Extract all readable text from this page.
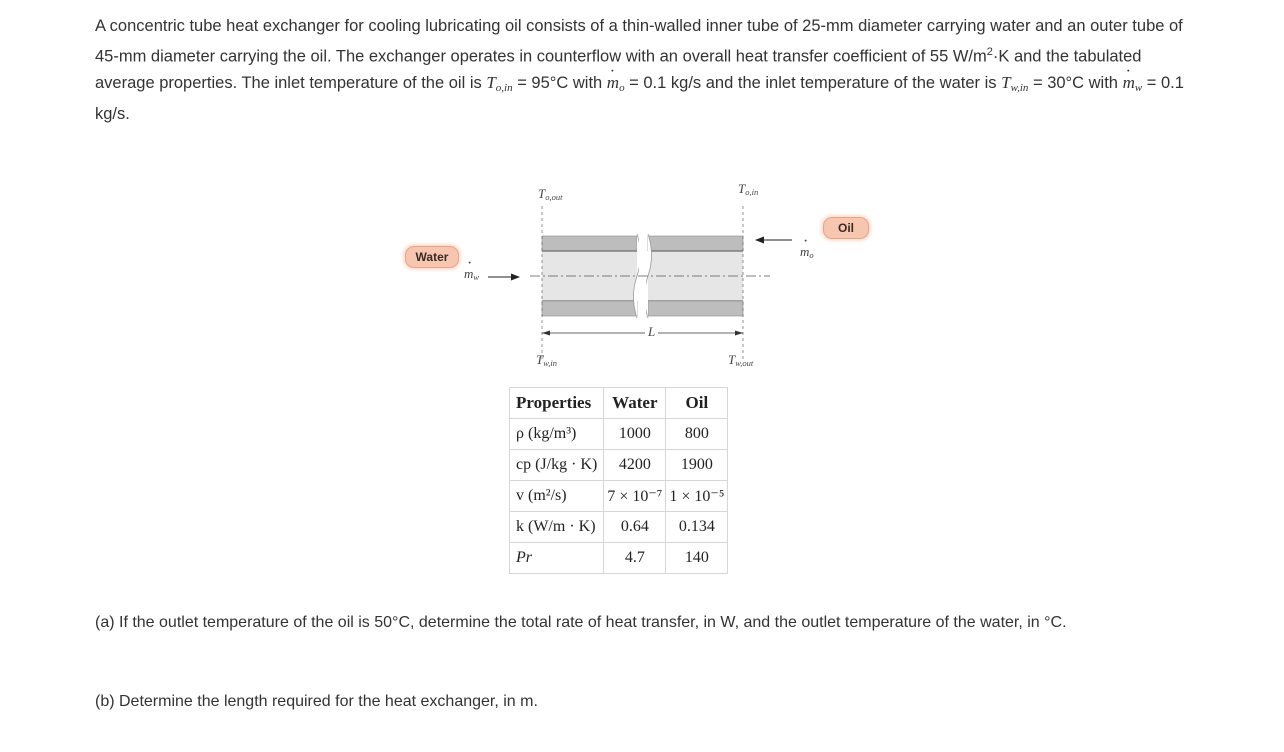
A concentric tube heat exchanger for cooling lubricating oil consists of a thin-walled inner tube of 25-mm diameter carrying water and an outer tube of 45-mm diameter carrying the oil. The exchanger operates in counterflow with an overall heat transfer coefficient of 55 $W/m^2\cdot K$ and the tabulated average properties. The inlet temperature of the oil is $T_{o,in} = 95^\circ C$ with · $m_o = 0.1$ kg/s and the inlet temperature of the water is $T_{w,in} = 30^\circ C$ with · $m_w = 0.1$ kg/s.
Water
Oil
To,out
To,in
Tw,in	Tw,out
· mw
· mo
L
Properties	Water	Oil
ρ (kg/m³)	1000	800
cp (J/kg · K)	4200	1900
v (m²/s)	7 × 10⁻⁷	1 × 10⁻⁵
k (W/m · K)	0.64	0.134
Pr	4.7	140
(a) If the outlet temperature of the oil is 50°C, determine the total rate of heat transfer, in W, and the outlet temperature of the water, in °C.
(b) Determine the length required for the heat exchanger, in m.
